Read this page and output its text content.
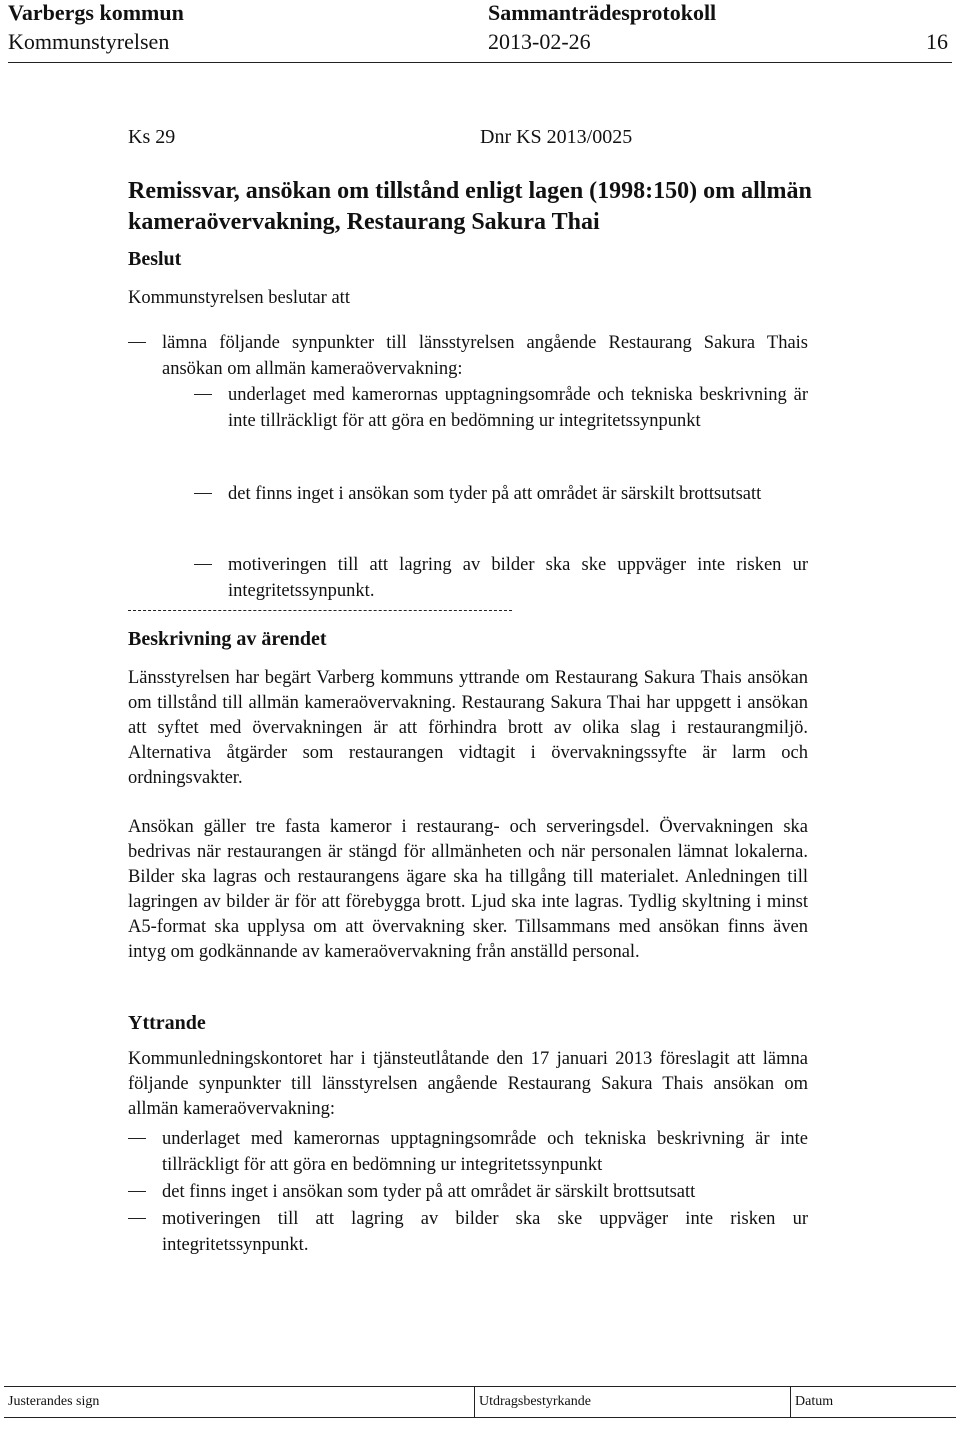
Varbergs kommun	Sammanträdesprotokoll
Kommunstyrelsen	2013-02-26	16
Ks 29	Dnr KS 2013/0025
Remissvar, ansökan om tillstånd enligt lagen (1998:150) om allmän kameraövervakning, Restaurang Sakura Thai
Beslut
Kommunstyrelsen beslutar att
lämna följande synpunkter till länsstyrelsen angående Restaurang Sakura Thais ansökan om allmän kameraövervakning:
underlaget med kamerornas upptagningsområde och tekniska beskrivning är inte tillräckligt för att göra en bedömning ur integritetssynpunkt
det finns inget i ansökan som tyder på att området är särskilt brottsutsatt
motiveringen till att lagring av bilder ska ske uppväger inte risken ur integritetssynpunkt.
Beskrivning av ärendet
Länsstyrelsen har begärt Varberg kommuns yttrande om Restaurang Sakura Thais ansökan om tillstånd till allmän kameraövervakning. Restaurang Sakura Thai har uppgett i ansökan att syftet med övervakningen är att förhindra brott av olika slag i restaurangmiljö. Alternativa åtgärder som restaurangen vidtagit i övervakningssyfte är larm och ordningsvakter.
Ansökan gäller tre fasta kameror i restaurang- och serveringsdel. Övervakningen ska bedrivas när restaurangen är stängd för allmänheten och när personalen lämnat lokalerna. Bilder ska lagras och restaurangens ägare ska ha tillgång till materialet. Anledningen till lagringen av bilder är för att förebygga brott. Ljud ska inte lagras. Tydlig skyltning i minst A5-format ska upplysa om att övervakning sker. Tillsammans med ansökan finns även intyg om godkännande av kameraövervakning från anställd personal.
Yttrande
Kommunledningskontoret har i tjänsteutlåtande den 17 januari 2013 föreslagit att lämna följande synpunkter till länsstyrelsen angående Restaurang Sakura Thais ansökan om allmän kameraövervakning:
underlaget med kamerornas upptagningsområde och tekniska beskrivning är inte tillräckligt för att göra en bedömning ur integritetssynpunkt
det finns inget i ansökan som tyder på att området är särskilt brottsutsatt
motiveringen till att lagring av bilder ska ske uppväger inte risken ur integritetssynpunkt.
Justerandes sign	Utdragsbestyrkande	Datum
